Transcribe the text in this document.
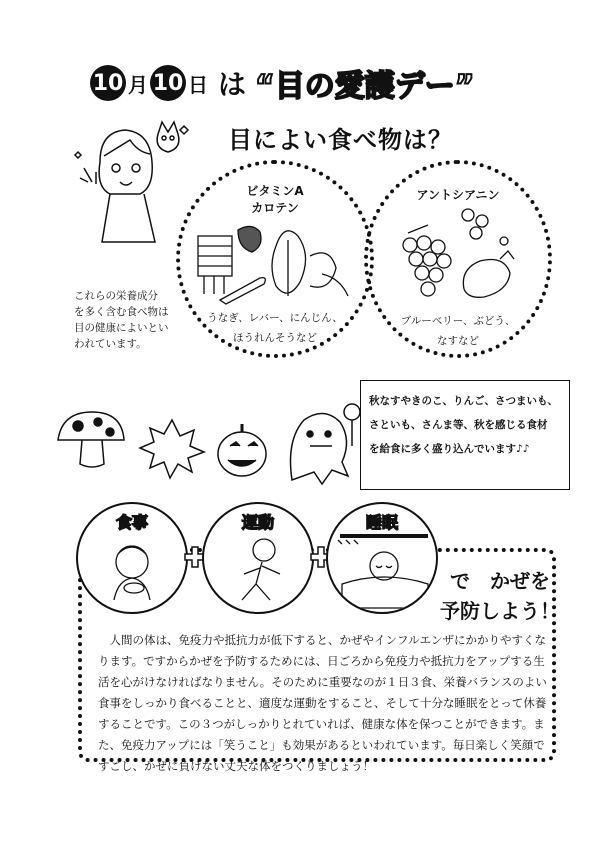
10 月 10 日 は “目の愛護デー”
目によい食べ物は？
ビタミンA
カロテン
うなぎ、レバー、にんじん、
ほうれんそうなど
アントシアニン
ブルーベリー、ぶどう、
なすなど
これらの栄養成分
を多く含む食べ物は
目の健康によいとい
われています。
秋なすやきのこ、りんご、さつまいも、
さといも、さんま等、秋を感じる食材
を給食に多く盛り込んでいます♪♪
食事	運動	睡眠
で　かぜを
予防しよう！
人間の体は、免疫力や抵抗力が低下すると、かぜやインフルエンザにかかりやすくなります。ですからかぜを予防するためには、日ごろから免疫力や抵抗力をアップする生活を心がけなければなりません。そのために重要なのが１日３食、栄養バランスのよい食事をしっかり食べることと、適度な運動をすること、そして十分な睡眠をとって休養することです。この３つがしっかりとれていれば、健康な体を保つことができます。また、免疫力アップには「笑うこと」も効果があるといわれています。毎日楽しく笑顔ですごし、かぜに負けない丈夫な体をつくりましょう！
